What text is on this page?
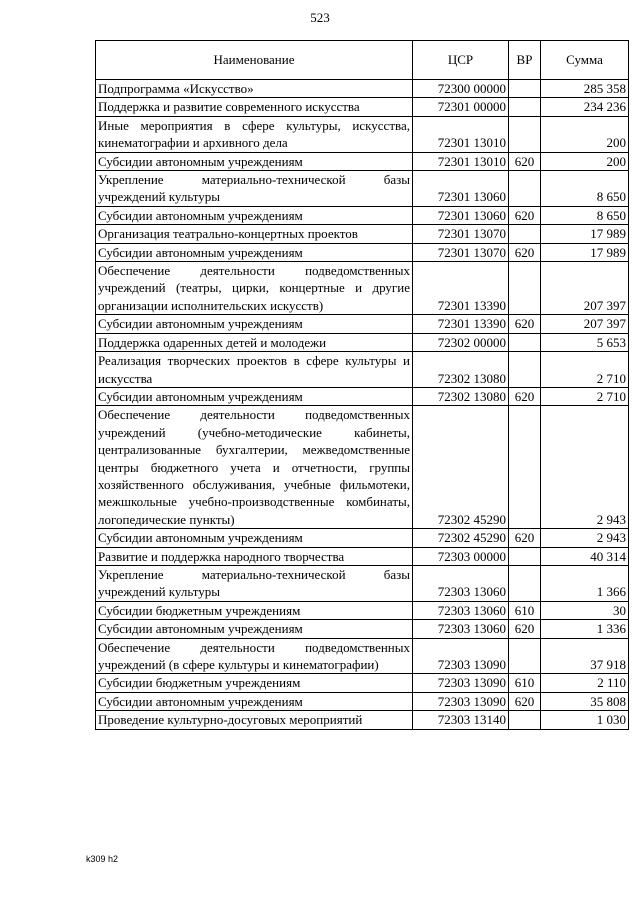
523
Наименование	ЦСР	ВР	Сумма
Подпрограмма «Искусство»	72300 00000		285 358
Поддержка и развитие современного искусства	72301 00000		234 236
Иные мероприятия в сфере культуры, искусства, кинематографии и архивного дела	72301 13010		200
Субсидии автономным учреждениям	72301 13010	620	200
Укрепление материально-технической базы учреждений культуры	72301 13060		8 650
Субсидии автономным учреждениям	72301 13060	620	8 650
Организация театрально-концертных проектов	72301 13070		17 989
Субсидии автономным учреждениям	72301 13070	620	17 989
Обеспечение деятельности подведомственных учреждений (театры, цирки, концертные и другие организации исполнительских искусств)	72301 13390		207 397
Субсидии автономным учреждениям	72301 13390	620	207 397
Поддержка одаренных детей и молодежи	72302 00000		5 653
Реализация творческих проектов в сфере культуры и искусства	72302 13080		2 710
Субсидии автономным учреждениям	72302 13080	620	2 710
Обеспечение деятельности подведомственных учреждений (учебно-методические кабинеты, централизованные бухгалтерии, межведомственные центры бюджетного учета и отчетности, группы хозяйственного обслуживания, учебные фильмотеки, межшкольные учебно-производственные комбинаты, логопедические пункты)	72302 45290		2 943
Субсидии автономным учреждениям	72302 45290	620	2 943
Развитие и поддержка народного творчества	72303 00000		40 314
Укрепление материально-технической базы учреждений культуры	72303 13060		1 366
Субсидии бюджетным учреждениям	72303 13060	610	30
Субсидии автономным учреждениям	72303 13060	620	1 336
Обеспечение деятельности подведомственных учреждений (в сфере культуры и кинематографии)	72303 13090		37 918
Субсидии бюджетным учреждениям	72303 13090	610	2 110
Субсидии автономным учреждениям	72303 13090	620	35 808
Проведение культурно-досуговых мероприятий	72303 13140		1 030
k309 h2
